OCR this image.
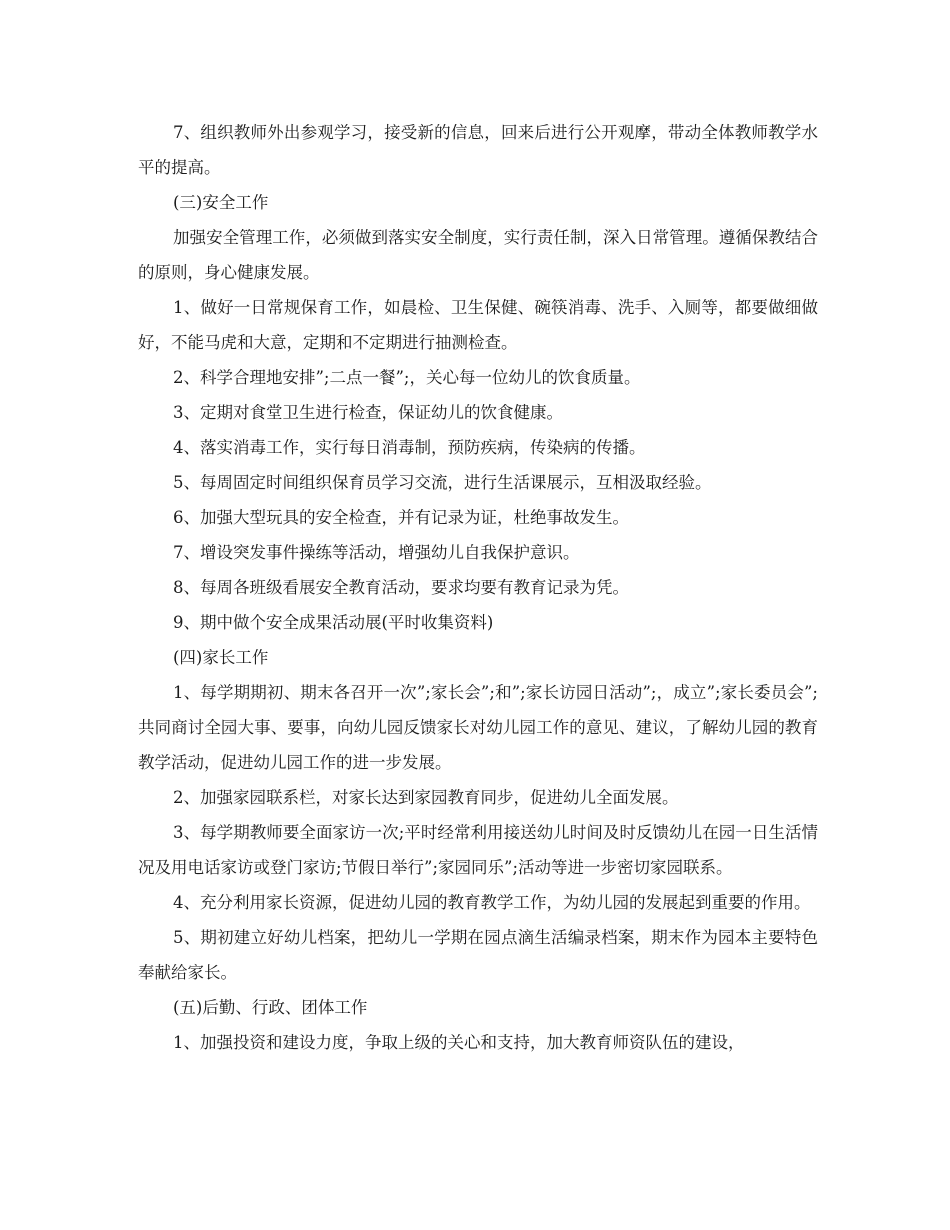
7、组织教师外出参观学习，接受新的信息，回来后进行公开观摩，带动全体教师教学水平的提高。

(三)安全工作

加强安全管理工作，必须做到落实安全制度，实行责任制，深入日常管理。遵循保教结合的原则，身心健康发展。

1、做好一日常规保育工作，如晨检、卫生保健、碗筷消毒、洗手、入厕等，都要做细做好，不能马虎和大意，定期和不定期进行抽测检查。

2、科学合理地安排”;二点一餐”;，关心每一位幼儿的饮食质量。

3、定期对食堂卫生进行检查，保证幼儿的饮食健康。

4、落实消毒工作，实行每日消毒制，预防疾病，传染病的传播。

5、每周固定时间组织保育员学习交流，进行生活课展示，互相汲取经验。

6、加强大型玩具的安全检查，并有记录为证，杜绝事故发生。

7、增设突发事件操练等活动，增强幼儿自我保护意识。

8、每周各班级看展安全教育活动，要求均要有教育记录为凭。

9、期中做个安全成果活动展(平时收集资料)

(四)家长工作

1、每学期期初、期末各召开一次”;家长会”;和”;家长访园日活动”;，成立”;家长委员会”;共同商讨全园大事、要事，向幼儿园反馈家长对幼儿园工作的意见、建议，了解幼儿园的教育教学活动，促进幼儿园工作的进一步发展。

2、加强家园联系栏，对家长达到家园教育同步，促进幼儿全面发展。

3、每学期教师要全面家访一次;平时经常利用接送幼儿时间及时反馈幼儿在园一日生活情况及用电话家访或登门家访;节假日举行”;家园同乐”;活动等进一步密切家园联系。

4、充分利用家长资源，促进幼儿园的教育教学工作，为幼儿园的发展起到重要的作用。

5、期初建立好幼儿档案，把幼儿一学期在园点滴生活编录档案，期末作为园本主要特色奉献给家长。

(五)后勤、行政、团体工作

1、加强投资和建设力度，争取上级的关心和支持，加大教育师资队伍的建设，
